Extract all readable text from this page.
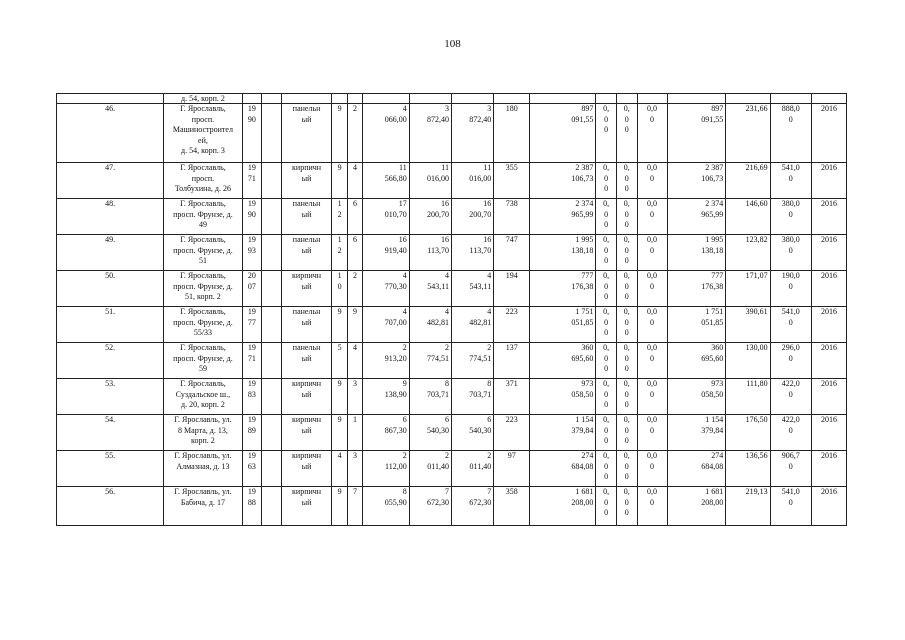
108
	д. 54, корп. 2																	
46.	Г. Ярославль,
просп.
Машиностроител
ей,
д. 54, корп. 3	19
90		панельн
ый	9	2	4
066,00	3
872,40	3
872,40	180	897
091,55	0,
0
0	0,
0
0	0,0
0	897
091,55	231,66	888,0
0	2016
47.	Г. Ярославль,
просп.
Толбухина, д. 26	19
71		кирпичн
ый	9	4	11
566,80	11
016,00	11
016,00	355	2 387
106,73	0,
0
0	0,
0
0	0,0
0	2 387
106,73	216,69	541,0
0	2016
48.	Г. Ярославль,
просп. Фрунзе, д.
49	19
90		панельн
ый	1
2	6	17
010,70	16
200,70	16
200,70	738	2 374
965,99	0,
0
0	0,
0
0	0,0
0	2 374
965,99	146,60	380,0
0	2016
49.	Г. Ярославль,
просп. Фрунзе, д.
51	19
93		панельн
ый	1
2	6	16
919,40	16
113,70	16
113,70	747	1 995
138,18	0,
0
0	0,
0
0	0,0
0	1 995
138,18	123,82	380,0
0	2016
50.	Г. Ярославль,
просп. Фрунзе, д.
51, корп. 2	20
07		кирпичн
ый	1
0	2	4
770,30	4
543,11	4
543,11	194	777
176,38	0,
0
0	0,
0
0	0,0
0	777
176,38	171,07	190,0
0	2016
51.	Г. Ярославль,
просп. Фрунзе, д.
55/33	19
77		панельн
ый	9	9	4
707,00	4
482,81	4
482,81	223	1 751
051,85	0,
0
0	0,
0
0	0,0
0	1 751
051,85	390,61	541,0
0	2016
52.	Г. Ярославль,
просп. Фрунзе, д.
59	19
71		панельн
ый	5	4	2
913,20	2
774,51	2
774,51	137	360
695,60	0,
0
0	0,
0
0	0,0
0	360
695,60	130,00	296,0
0	2016
53.	Г. Ярославль,
Суздальское ш.,
д. 20, корп. 2	19
83		кирпичн
ый	9	3	9
138,90	8
703,71	8
703,71	371	973
058,50	0,
0
0	0,
0
0	0,0
0	973
058,50	111,80	422,0
0	2016
54.	Г. Ярославль, ул.
8 Марта, д. 13,
корп. 2	19
89		кирпичн
ый	9	1	6
867,30	6
540,30	6
540,30	223	1 154
379,84	0,
0
0	0,
0
0	0,0
0	1 154
379,84	176,50	422,0
0	2016
55.	Г. Ярославль, ул.
Алмазная, д. 13	19
63		кирпичн
ый	4	3	2
112,00	2
011,40	2
011,40	97	274
684,08	0,
0
0	0,
0
0	0,0
0	274
684,08	136,56	906,7
0	2016
56.	Г. Ярославль, ул.
Бабича, д. 17	19
88		кирпичн
ый	9	7	8
055,90	7
672,30	7
672,30	358	1 681
208,00	0,
0
0	0,
0
0	0,0
0	1 681
208,00	219,13	541,0
0	2016
